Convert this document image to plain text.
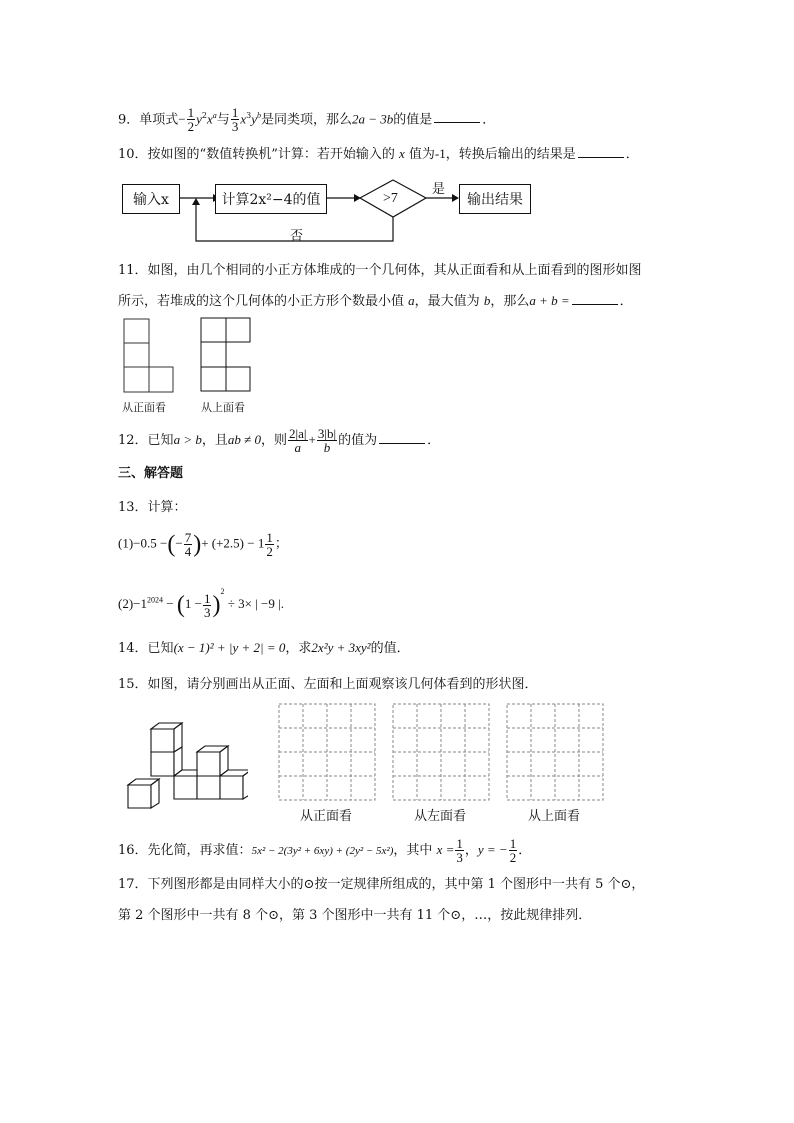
9．单项式− $\frac{1}{2} y^2x^a$与 $\frac{1}{3} x^3y^b$是同类项，那么2a − 3b的值是	．
10．按如图的“数值转换机”计算：若开始输入的 x 值为-1，转换后输出的结果是	．
输入x	计算2x²−4的值	>7
是
否
输出结果
11．如图，由几个相同的小正方体堆成的一个几何体，其从正面看和从上面看到的图形如图
所示，若堆成的这个几何体的小正方形个数最小值 a，最大值为 b，那么a + b =	．
从正面看	从上面看
12．已知a > b，且ab ≠ 0，则 $\frac{2|a|}{a} + \frac{3|b|}{b}$ 的值为	．
三、解答题
13．计算：
(1)−0.5 −(− $\frac{7}{4}$ )+ $(+2.5) - 1 \frac{1}{2}$ ；
$(2)-1^{2024} - (1 - \frac{1}{3} )^2 \div 3\times$ | −9 |.
14．已知(x − 1)² + |y + 2| = 0，求2x²y + 3xy²的值．
15．如图，请分别画出从正面、左面和上面观察该几何体看到的形状图．
从正面看	从左面看	从上面看
16．先化简，再求值：5x² − 2(3y² + 6xy) + (2y² − 5x²)，其中 $x = \frac{1}{3}$ ，y = − $\frac{1}{2}$ ．
17．下列图形都是由同样大小的⊙按一定规律所组成的，其中第 1 个图形中一共有 5 个⊙，
第 2 个图形中一共有 8 个⊙，第 3 个图形中一共有 11 个⊙，…，按此规律排列．
